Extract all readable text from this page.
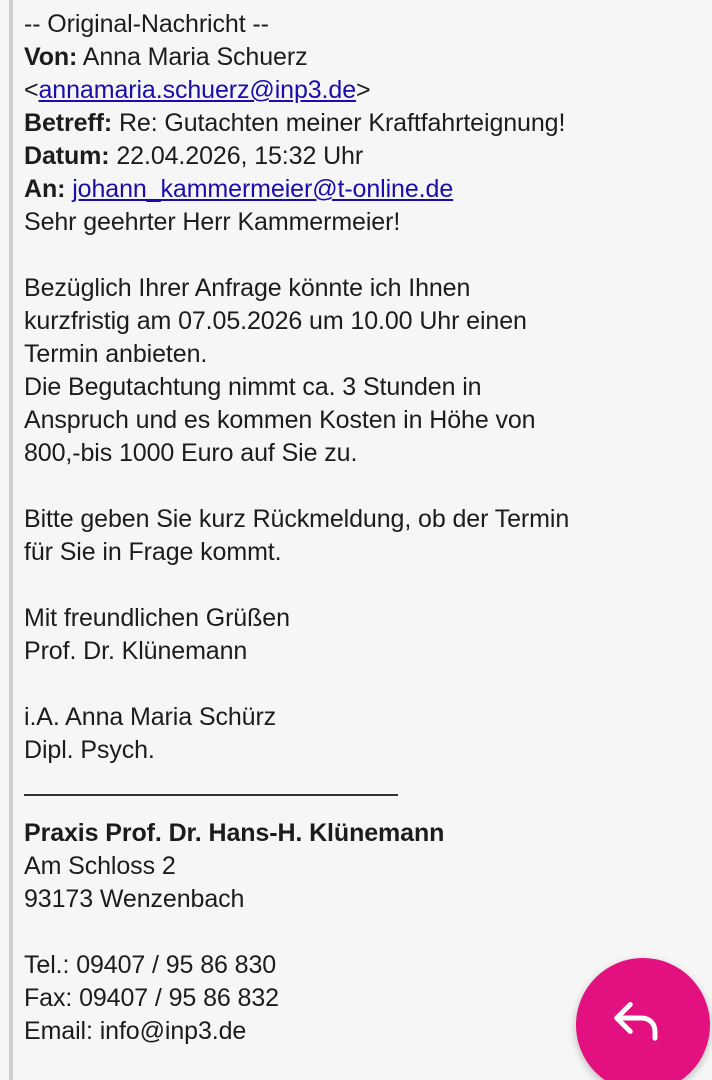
-- Original-Nachricht --
Von: Anna Maria Schuerz
<annamaria.schuerz@inp3.de>
Betreff: Re: Gutachten meiner Kraftfahrteignung!
Datum: 22.04.2026, 15:32 Uhr
An: johann_kammermeier@t-online.de
Sehr geehrter Herr Kammermeier!
Bezüglich Ihrer Anfrage könnte ich Ihnen
kurzfristig am 07.05.2026 um 10.00 Uhr einen
Termin anbieten.
Die Begutachtung nimmt ca. 3 Stunden in
Anspruch und es kommen Kosten in Höhe von
800,-bis 1000 Euro auf Sie zu.
Bitte geben Sie kurz Rückmeldung, ob der Termin
für Sie in Frage kommt.
Mit freundlichen Grüßen
Prof. Dr. Klünemann
i.A. Anna Maria Schürz
Dipl. Psych.
Praxis Prof. Dr. Hans-H. Klünemann
Am Schloss 2
93173 Wenzenbach
Tel.: 09407 / 95 86 830
Fax: 09407 / 95 86 832
Email: info@inp3.de
